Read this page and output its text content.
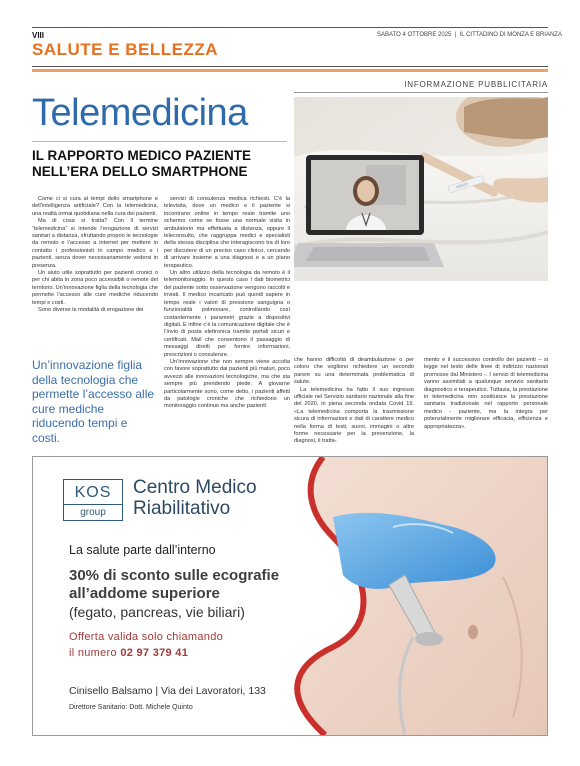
VIII	SABATO 4 OTTOBRE 2025  |  IL CITTADINO DI MONZA E BRIANZA
SALUTE E BELLEZZA
INFORMAZIONE PUBBLICITARIA
Telemedicina
IL RAPPORTO MEDICO PAZIENTE NELL’ERA DELLO SMARTPHONE

Come ci si cura al tempi dello smartphone e dell’intelligenza artificiale? Con la telemedicina, una realtà ormai quotidiana nella cura dei pazienti.

Ma di cosa si tratta? Con il termine “telemedicina” si intende l’erogazione di servizi sanitari a distanza, sfruttando proprio le tecnologie da remoto e l’accesso a internet per mettere in contatto i professionisti in campo medico e i pazienti, senza dover necessariamente vedersi in presenza.

Un aiuto utile soprattutto per pazienti cronici o per chi abita in zona poco accessibili o remote del territorio. Un’innovazione figlia della tecnologia che permette l’accesso alle cure mediche riducendo tempi e costi.

Sono diverse le modalità di erogazione dei

Un’innovazione figlia della tecnologia che permette l’accesso alle cure mediche riducendo tempi e costi.

servizi di consulenza medica richiesti. C’è la televisita, dove un medico e il paziente si incontrano online in tempo reale tramite uno schermo come se fosse una normale visita in ambulatorio ma effettuata a distanza, oppure il teleconsulto, che raggruppa medici e specialisti della stessa disciplina che interagiscono tra di loro per discutere di un preciso caso clinico, cercando di arrivare insieme a una diagnosi e a un piano terapeutico.

Un altro utilizzo della tecnologia da remoto è il telemonitoraggio. In questo caso i dati biometrici del paziente sotto osservazione vengono raccolti e inviati. Il medico incaricato può quindi sapere in tempo reale i valori di pressione sanguigna o funzionalità polmonare, controllando così costantemente i parametri grazie a dispositivi digitali. E infine c’è la comunicazione digitale che è l’invio di posta elettronica tramite portali sicuri e certificati. Mail che consentono il passaggio di messaggi diretti per fornire informazioni, prescrizioni o consulenze.

Un’innovazione che non sempre viene accolta con favore soprattutto dai pazienti più maturi, poco avvezzi alle innovazioni tecnologiche, ma che sta sempre più prendendo piede. A giovarne particolarmente sono, come detto, i pazienti affetti da patologie croniche che richiedono un monitoraggio continuo ma anche pazienti

che hanno difficoltà di deambulazione o per coloro che vogliono richiedere un secondo parere su una determinata problematica di salute.

La telemedicina ha fatto il suo ingresso ufficiale nel Servizio sanitario nazionale alla fine del 2020, in piena seconda ondata Covid 19. «La telemedicina comporta la trasmissione sicura di informazioni e dati di carattere medico nella forma di testi, suoni, immagini o altre forme necessarie per la prevenzione, la diagnosi, il tratta-

mento e il successivo controllo dei pazienti – si legge nel testo delle linee di indirizzo nazionali promosse dal Ministero -. I servizi di telemedicina vanno assimilati a qualunque servizio sanitario diagnostico e terapeutico. Tuttavia, la prestazione in telemedicina non sostituisce la prestazione sanitaria tradizionale nel rapporto personale medico - paziente, ma la integra per potenzialmente migliorare efficacia, efficienza e appropriatezza».

KOS
group
Centro Medico Riabilitativo
La salute parte dall’interno
30% di sconto sulle ecografie all’addome superiore
(fegato, pancreas, vie biliari)
Offerta valida solo chiamando
il numero 02 97 379 41
Cinisello Balsamo | Via dei Lavoratori, 133
Direttore Sanitario: Dott. Michele Quinto
